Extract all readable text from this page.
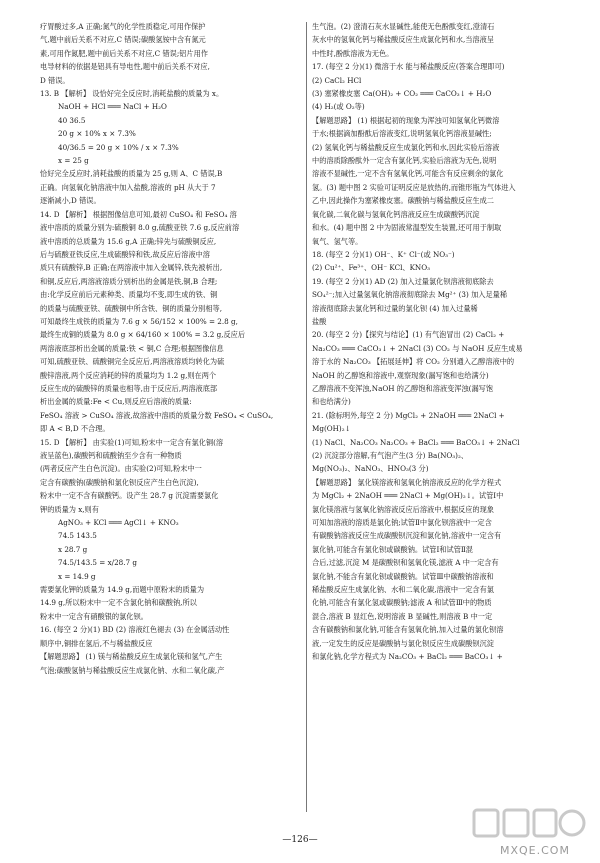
疗胃酸过多,A 正确;氮气的化学性质稳定,可用作保护
气,题中前后关系不对应,C 错误;碳酸氢铵中含有氮元
素,可用作氮肥,题中前后关系不对应,C 错误;铝片用作
电导材料的依据是铝具有导电性,题中前后关系不对应,
D 错误。
13. B 【解析】 设恰好完全反应时,消耗盐酸的质量为 x。
NaOH + HCl ═══ NaCl + H₂O
40 36.5
20 g × 10% x × 7.3%
40/36.5 = 20 g × 10% / x × 7.3%
x = 25 g
恰好完全反应时,消耗盐酸的质量为 25 g,则 A、C 错误,B
正确。向氢氧化钠溶液中加入盐酸,溶液的 pH 从大于 7
逐渐减小,D 错误。
14. D 【解析】 根据图像信息可知,最初 CuSO₄ 和 FeSO₄ 溶
液中溶质的质量分别为:硫酸铜 8.0 g,硫酸亚铁 7.6 g,反应前溶
液中溶质的总质量为 15.6 g,A 正确;锌先与硫酸铜反应,
后与硫酸亚铁反应,生成硫酸锌和铁,故反应后溶液中溶
质只有硫酸锌,B 正确;在两溶液中加入金属锌,铁先被析出,
和铜,反应后,两溶液溶质分别析出的金属是铁,铜,B 合理;
由:化学反应前后元素种类、质量均不变,即生成的铁、铜
的质量与硫酸亚铁、硫酸铜中所含铁、铜的质量分别相等,
可知最终生成铁的质量为 7.6 g × 56/152 × 100% = 2.8 g,
最终生成铜的质量为 8.0 g × 64/160 × 100% = 3.2 g,反应后
两溶液底部析出金属的质量:铁 < 铜,C 合理;根据图像信息
可知,硫酸亚铁、硫酸铜完全反应后,两溶液溶质均转化为硫
酸锌溶液,两个反应消耗的锌的质量均为 1.2 g,则在两个
反应生成的硫酸锌的质量也相等,由于反应后,两溶液底部
析出金属的质量:Fe < Cu,则反应后溶液的质量:
FeSO₄ 溶液 > CuSO₄ 溶液,故溶液中溶质的质量分数 FeSO₄ < CuSO₄,
即 A < B,D 不合理。
15. D 【解析】 由实验(1)可知,粉末中一定含有氯化铜(溶
液呈蓝色),碳酸钙和硫酸钠至少含有一种物质
(两者反应产生白色沉淀)。由实验(2)可知,粉末中一
定含有碳酸钠(碳酸钠和氯化钡反应产生白色沉淀),
粉末中一定不含有碳酸钙。设产生 28.7 g 沉淀需要氯化
钾的质量为 x,则有
AgNO₃ + KCl ═══ AgCl↓ + KNO₃
74.5 143.5
x 28.7 g
74.5/143.5 = x/28.7 g
x = 14.9 g
需要氯化钾的质量为 14.9 g,而题中原粉末的质量为
14.9 g,所以粉末中一定不含氯化钠和碳酸钠,所以
粉末中一定含有硝酸银的氯化钡。
16. (每空 2 分)(1) BD (2) 溶液红色褪去 (3) 在金属活动性
顺序中,铜排在氢后,不与稀盐酸反应
【解题思路】 (1) 镁与稀盐酸反应生成氯化镁和氢气,产生
气泡;碳酸氢钠与稀盐酸反应生成氯化钠、水和二氧化碳,产
生气泡。(2) 澄清石灰水显碱性,能使无色酚酞变红,澄清石
灰水中的氢氧化钙与稀盐酸反应生成氯化钙和水,当溶液呈
中性时,酚酞溶液为无色。
17. (每空 2 分)(1) 微溶于水 能与稀盐酸反应(答案合理即可)
(2) CaCl₂ HCl
(3) 塞紧橡皮塞 Ca(OH)₂ + CO₂ ═══ CaCO₃↓ + H₂O
(4) H₂(或 O₂等)
【解题思路】 (1) 根据起初的现象为浑浊可知氢氧化钙微溶
于水;根据滴加酚酞后溶液变红,说明氢氧化钙溶液显碱性;
(2) 氢氧化钙与稀盐酸反应生成氯化钙和水,因此实验后溶液
中的溶质除酚酞外一定含有氯化钙,实验后溶液为无色,说明
溶液不显碱性,一定不含有氢氧化钙,可能含有反应剩余的氯化
氢。(3) 题中图 2 实验可证明反应是放热的,而锥形瓶为气体进入
乙中,因此操作为塞紧橡皮塞。碳酸钠与稀盐酸反应生成二
氧化碳,二氧化碳与氢氧化钙溶液反应生成碳酸钙沉淀
和水。(4) 题中图 2 中为固液常温型发生装置,还可用于制取
氧气、氢气等。
18. (每空 2 分)(1) OH⁻、K⁺ Cl⁻(或 NO₃⁻)
(2) Cu²⁺、Fe³⁺、OH⁻ KCl、KNO₃
19. (每空 2 分)(1) AD (2) 加入过量氯化钡溶液彻底除去
SO₄²⁻;加入过量氢氧化钠溶液彻底除去 Mg²⁺ (3) 加入足量稀
溶液彻底除去氯化钙和过量的氯化钡 (4) 加入过量稀
盐酸
20. (每空 2 分)【探究与结论】(1) 有气泡冒出 (2) CaCl₂ +
Na₂CO₃ ═══ CaCO₃↓ + 2NaCl (3) CO₂ 与 NaOH 反应生成易
溶于水的 Na₂CO₃ 【拓展延伸】将 CO₂ 分别通入乙醇溶液中的
NaOH 的乙醇饱和溶液中,观察现象(漏写饱和也给满分)
乙醇溶液不变浑浊,NaOH 的乙醇饱和溶液变浑浊(漏写饱
和也给满分)
21. (除标明外,每空 2 分) MgCl₂ + 2NaOH ═══ 2NaCl +
Mg(OH)₂↓
(1) NaCl、Na₂CO₃ Na₂CO₃ + BaCl₂ ═══ BaCO₃↓ + 2NaCl
(2) 沉淀部分溶解,有气泡产生(3 分) Ba(NO₃)₂、
Mg(NO₃)₂、NaNO₃、HNO₃(3 分)
【解题思路】 氯化镁溶液和氢氧化钠溶液反应的化学方程式
为 MgCl₂ + 2NaOH ═══ 2NaCl + Mg(OH)₂↓。试管Ⅰ中
氯化镁溶液与氢氧化钠溶液反应后溶液中,根据反应的现象
可知加溶液的溶质是氯化钠;试管Ⅱ中氯化钡溶液中一定含
有碳酸钠溶液反应生成碳酸钡沉淀和氯化钠,溶液中一定含有
氯化钠,可能含有氯化钡或碳酸钠。试管Ⅰ和试管Ⅱ混
合后,过滤,沉淀 M 是碳酸钡和氢氧化镁,滤液 A 中一定含有
氯化钠,不能含有氯化钡或碳酸钠。试管Ⅲ中碳酸钠溶液和
稀盐酸反应生成氯化钠、水和二氧化碳,溶液中一定含有氯
化钠,可能含有氯化氢或碳酸钠;滤液 A 和试管Ⅲ中的物质
混合,溶液 B 显红色,说明溶液 B 显碱性,则溶液 B 中一定
含有碳酸钠和氯化钠,可能含有氢氧化钠,加入过量的氯化钡溶
液,一定发生的反应是碳酸钠与氯化钡反应生成碳酸钡沉淀
和氯化钠,化学方程式为 Na₂CO₃ + BaCl₂ ═══ BaCO₃↓ +
—126—
MXQE.COM
